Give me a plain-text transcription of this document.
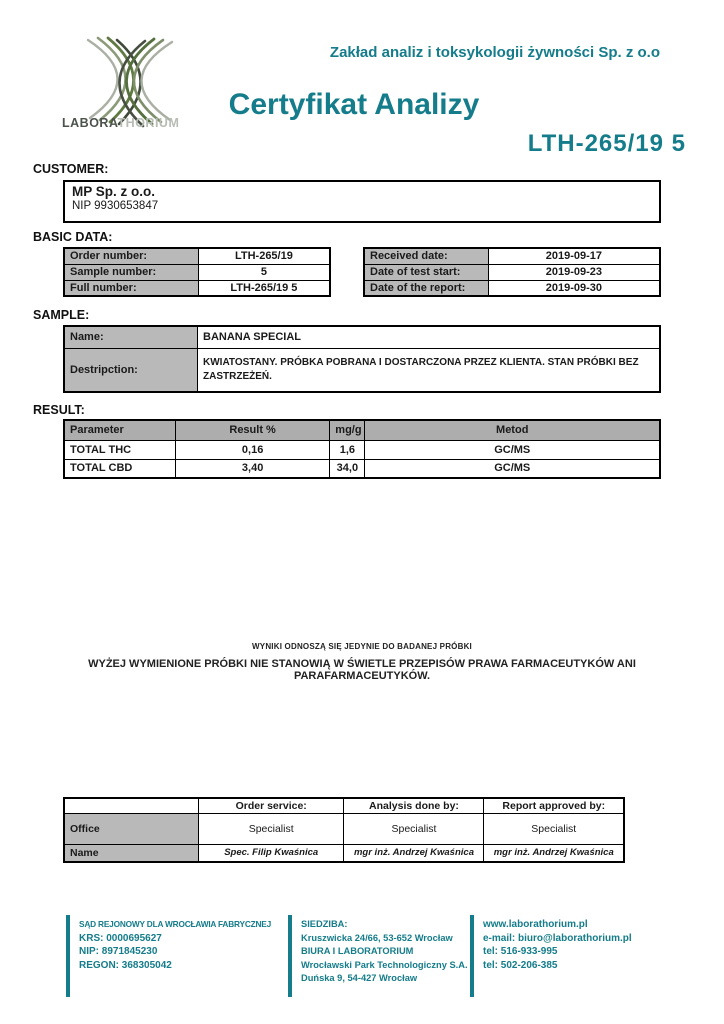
LABORATHORIUM
Zakład analiz i toksykologii żywności Sp. z o.o
Certyfikat Analizy
LTH-265/19 5
CUSTOMER:
MP Sp. z o.o.
NIP 9930653847
BASIC DATA:
Order number:	LTH-265/19
Sample number:	5
Full number:	LTH-265/19 5
Received date:	2019-09-17
Date of test start:	2019-09-23
Date of the report:	2019-09-30
SAMPLE:
Name:	BANANA SPECIAL
Destripction:	KWIATOSTANY. PRÓBKA POBRANA I DOSTARCZONA PRZEZ KLIENTA. STAN PRÓBKI BEZ ZASTRZEŻEŃ.
RESULT:
Parameter	Result %	mg/g	Metod
TOTAL THC	0,16	1,6	GC/MS
TOTAL CBD	3,40	34,0	GC/MS
WYNIKI ODNOSZĄ SIĘ JEDYNIE DO BADANEJ PRÓBKI
WYŻEJ WYMIENIONE PRÓBKI NIE STANOWIĄ W ŚWIETLE PRZEPISÓW PRAWA FARMACEUTYKÓW ANI PARAFARMACEUTYKÓW.
	Order service:	Analysis done by:	Report approved by:
Office	Specialist	Specialist	Specialist
Name	Spec. Filip Kwaśnica	mgr inż. Andrzej Kwaśnica	mgr inż. Andrzej Kwaśnica
SĄD REJONOWY DLA WROCŁAWIA FABRYCZNEJ
KRS: 0000695627
NIP: 8971845230
REGON: 368305042
SIEDZIBA:
Kruszwicka 24/66, 53-652 Wrocław
BIURA I LABORATORIUM
Wrocławski Park Technologiczny S.A.
Duńska 9, 54-427 Wrocław
www.laborathorium.pl
e-mail: biuro@laborathorium.pl
tel: 516-933-995
tel: 502-206-385
